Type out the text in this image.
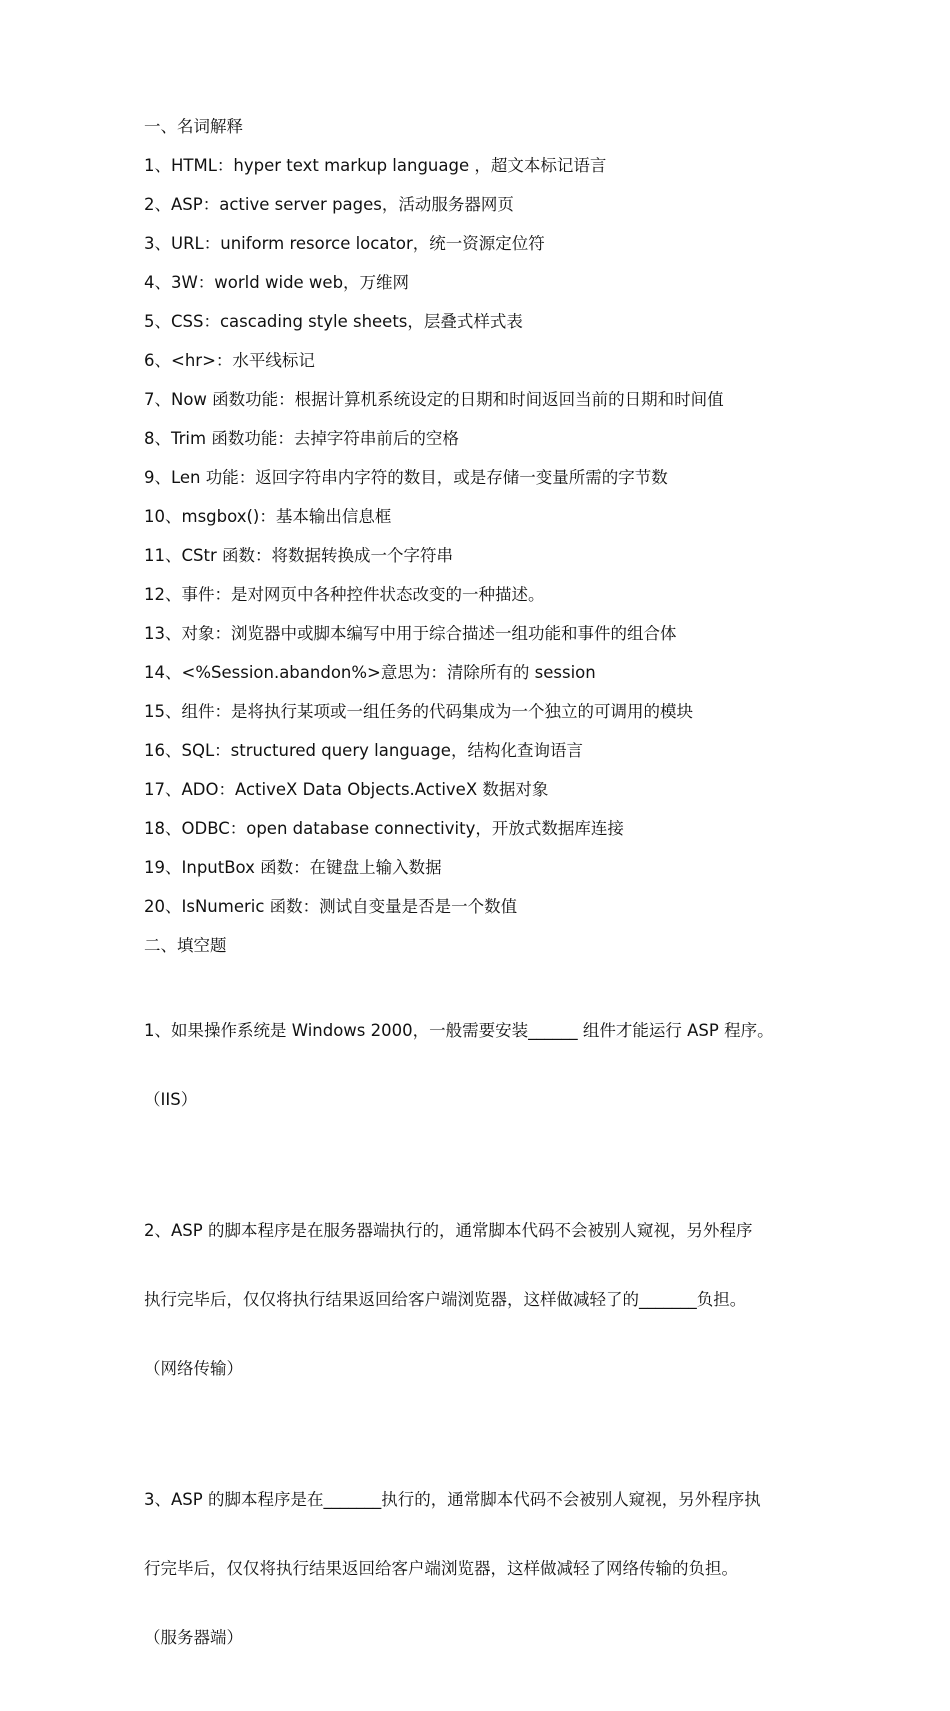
一、名词解释
1、HTML：hyper text markup language ，超文本标记语言
2、ASP：active server pages，活动服务器网页
3、URL：uniform resorce locator，统一资源定位符
4、3W：world wide web，万维网
5、CSS：cascading style sheets，层叠式样式表
6、<hr>：水平线标记
7、Now 函数功能：根据计算机系统设定的日期和时间返回当前的日期和时间值
8、Trim 函数功能：去掉字符串前后的空格
9、Len 功能：返回字符串内字符的数目，或是存储一变量所需的字节数
10、msgbox()：基本输出信息框
11、CStr 函数：将数据转换成一个字符串
12、事件：是对网页中各种控件状态改变的一种描述。
13、对象：浏览器中或脚本编写中用于综合描述一组功能和事件的组合体
14、<%Session.abandon%>意思为：清除所有的 session
15、组件：是将执行某项或一组任务的代码集成为一个独立的可调用的模块
16、SQL：structured query language，结构化查询语言
17、ADO：ActiveX Data Objects.ActiveX 数据对象
18、ODBC：open database connectivity，开放式数据库连接
19、InputBox 函数：在键盘上输入数据
20、IsNumeric 函数：测试自变量是否是一个数值
二、填空题

1、如果操作系统是 Windows 2000，一般需要安装______ 组件才能运行 ASP 程序。

（IIS）

2、ASP 的脚本程序是在服务器端执行的，通常脚本代码不会被别人窥视，另外程序

执行完毕后，仅仅将执行结果返回给客户端浏览器，这样做减轻了的_______负担。

（网络传输）

3、ASP 的脚本程序是在_______执行的，通常脚本代码不会被别人窥视，另外程序执

行完毕后，仅仅将执行结果返回给客户端浏览器，这样做减轻了网络传输的负担。

（服务器端）
